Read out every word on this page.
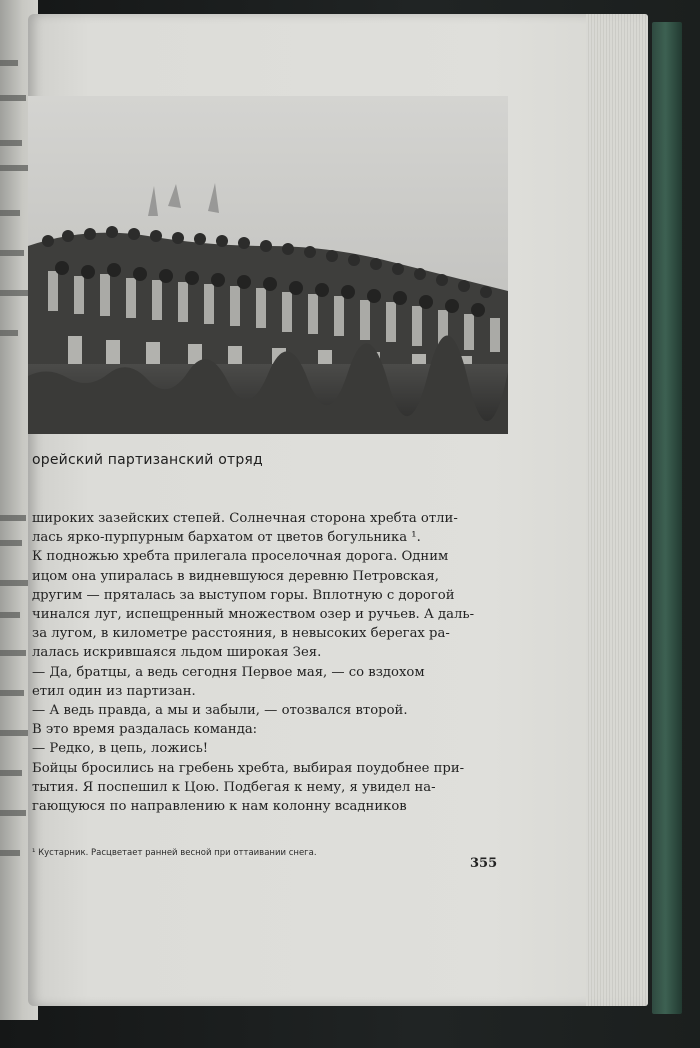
орейский партизанский отряд
широких зазейских степей. Солнечная сторона хребта отли-
лась ярко-пурпурным бархатом от цветов богульника ¹.
К подножью хребта прилегала проселочная дорога. Одним
ицом она упиралась в видневшуюся деревню Петровская,
другим — пряталась за выступом горы. Вплотную с дорогой
чинался луг, испещренный множеством озер и ручьев. А даль-
за лугом, в километре расстояния, в невысоких берегах ра-
лалась искрившаяся льдом широкая Зея.
— Да, братцы, а ведь сегодня Первое мая, — со вздохом
етил один из партизан.
— А ведь правда, а мы и забыли, — отозвался второй.
В это время раздалась команда:
— Редко, в цепь, ложись!
Бойцы бросились на гребень хребта, выбирая поудобнее при-
тытия. Я поспешил к Цою. Подбегая к нему, я увидел на-
гающуюся по направлению к нам колонну всадников
¹ Кустарник. Расцветает ранней весной при оттаивании снега.
355
